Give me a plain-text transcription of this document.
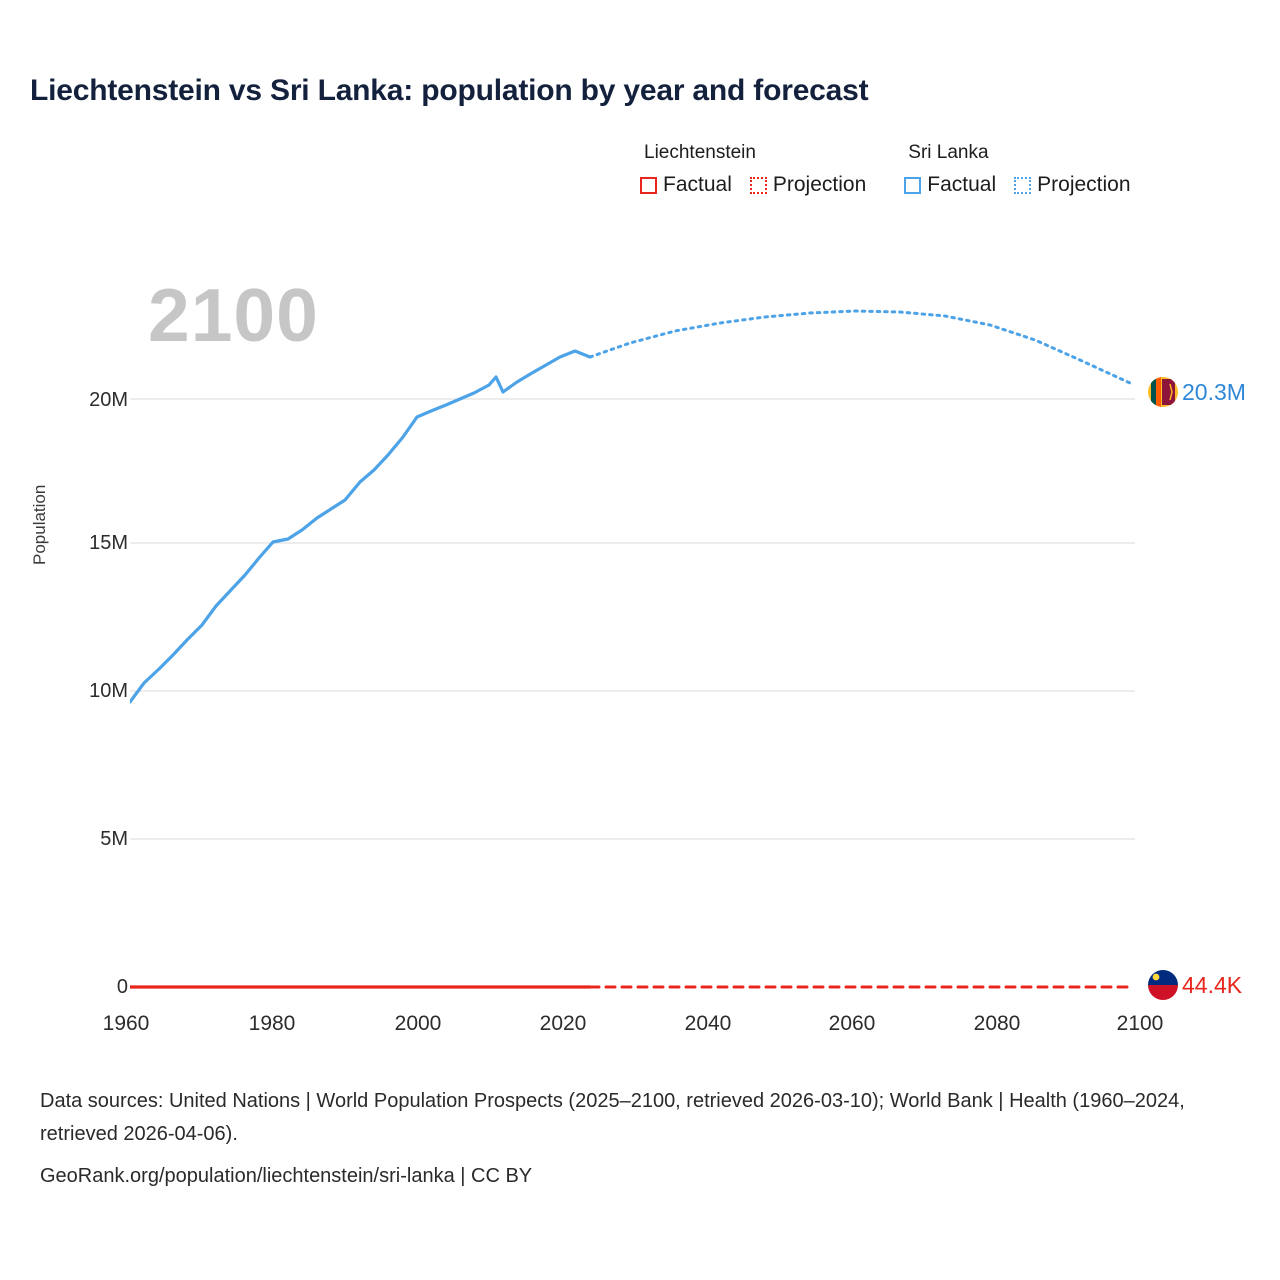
Liechtenstein vs Sri Lanka: population by year and forecast
Liechtenstein
Factual Projection
Sri Lanka
Factual Projection
2100
Population
0
5M
10M
15M
20M
1960	1980	2000	2020	2040	2060	2080	2100
20.3M
44.4K
Data sources: United Nations | World Population Prospects (2025–2100, retrieved 2026-03-10); World Bank | Health (1960–2024, retrieved 2026-04-06).
GeoRank.org/population/liechtenstein/sri-lanka | CC BY
